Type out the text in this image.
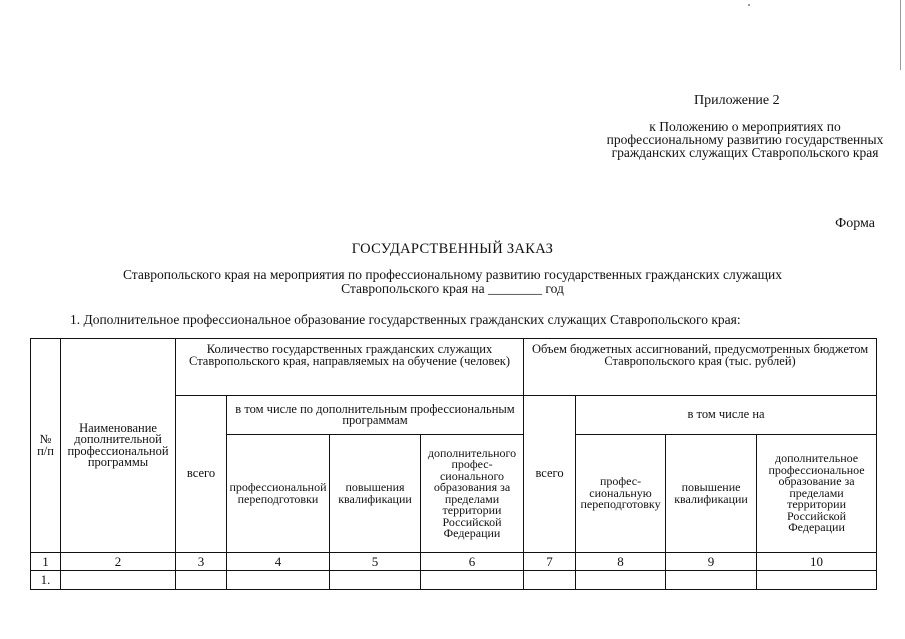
Приложение 2
к Положению о мероприятиях по профессиональному развитию государственных гражданских служащих Ставропольского края
Форма
ГОСУДАРСТВЕННЫЙ ЗАКАЗ
Ставропольского края на мероприятия по профессиональному развитию государственных гражданских служащих Ставропольского края на ________ год
1. Дополнительное профессиональное образование государственных гражданских служащих Ставропольского края:
№ п/п	Наименование дополнительной профессиональной программы	Количество государственных гражданских служащих Ставропольского края, направляемых на обучение (человек)				Объем бюджетных ассигнований, предусмотренных бюджетом Ставропольского края (тыс. рублей)			
		всего	в том числе по дополнительным профессиональным программам			всего	в том числе на		
			профессиональной переподготовки	повышения квалификации	дополнительного профессионального образования за пределами территории Российской Федерации		профессиональную переподготовку	повышение квалификации	дополнительное профессиональное образование за пределами территории Российской Федерации
1	2	3	4	5	6	7	8	9	10
1.									
